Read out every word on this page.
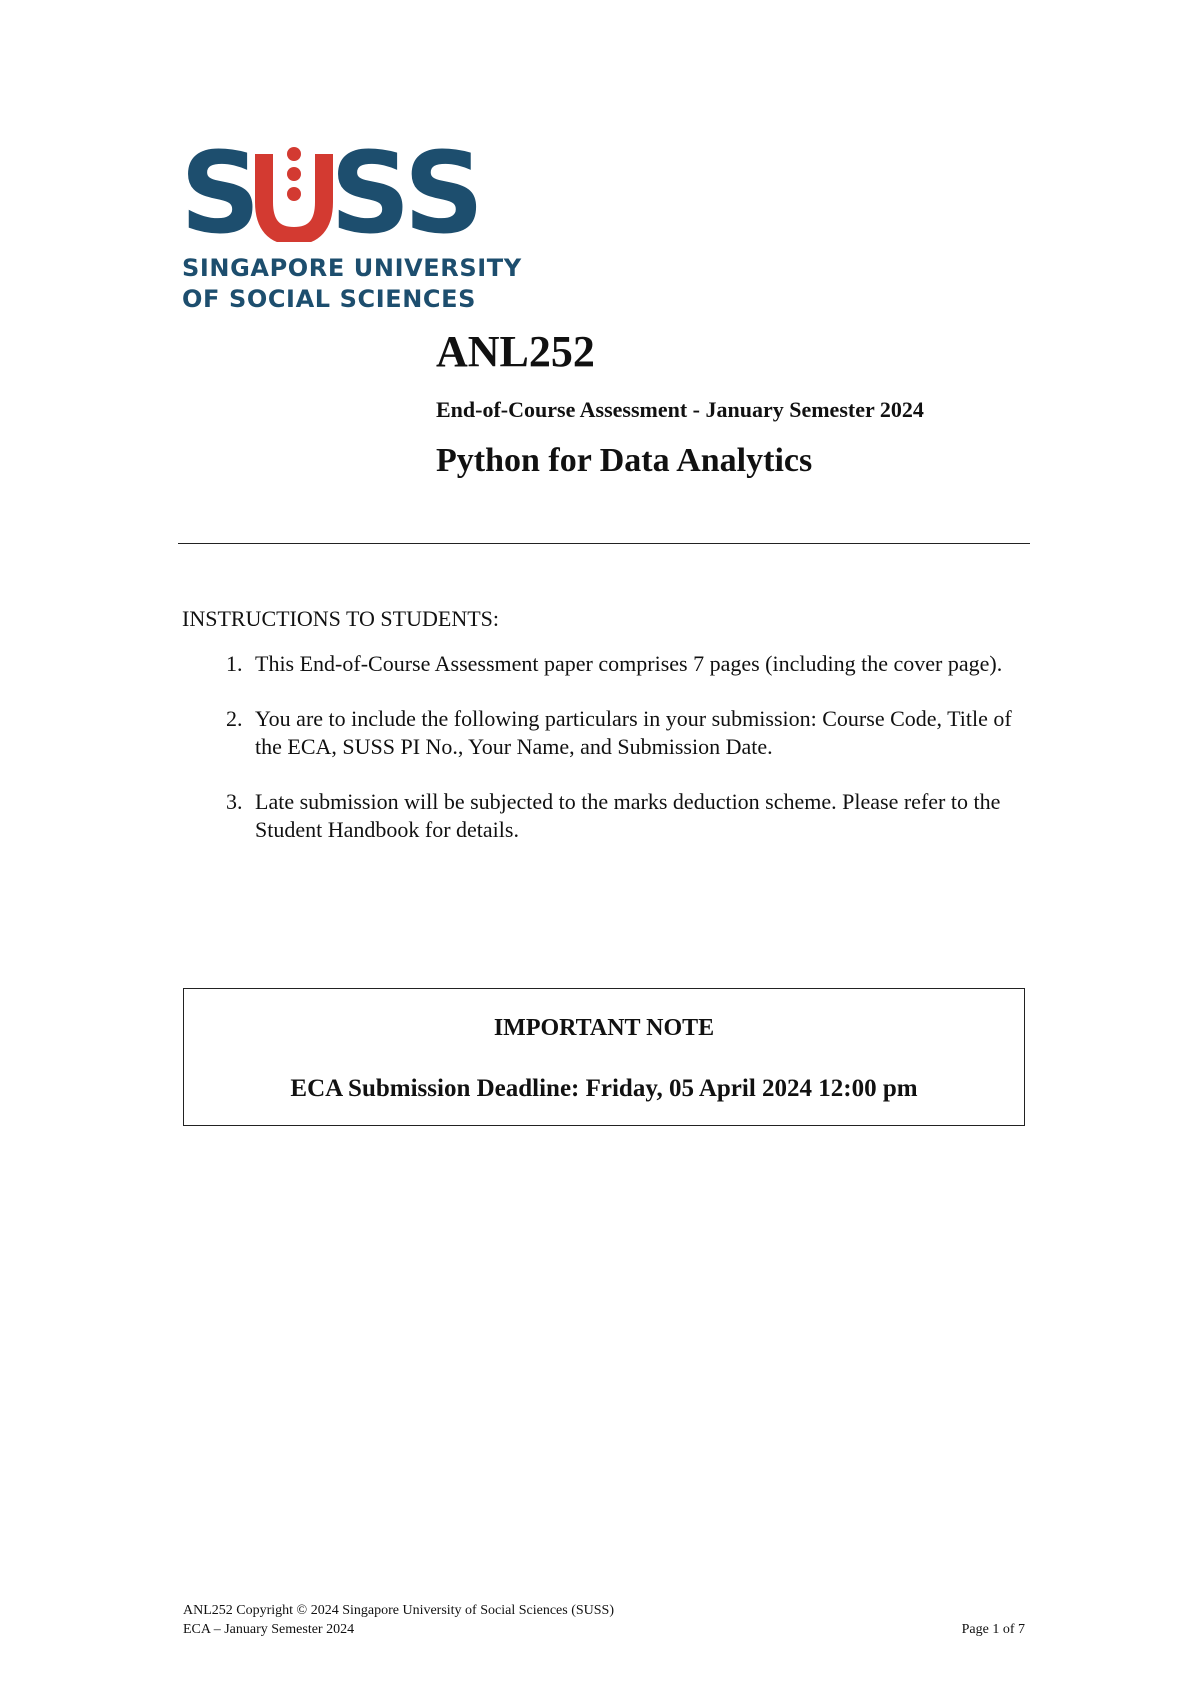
S SS
SINGAPORE UNIVERSITY
OF SOCIAL SCIENCES
ANL252

End-of-Course Assessment - January Semester 2024

Python for Data Analytics

INSTRUCTIONS TO STUDENTS:

1. This End-of-Course Assessment paper comprises 7 pages (including the cover page).
2. You are to include the following particulars in your submission: Course Code, Title of the ECA, SUSS PI No., Your Name, and Submission Date.
3. Late submission will be subjected to the marks deduction scheme. Please refer to the Student Handbook for details.
IMPORTANT NOTE
ECA Submission Deadline: Friday, 05 April 2024 12:00 pm
ANL252 Copyright © 2024 Singapore University of Social Sciences (SUSS)
ECA – January Semester 2024	Page 1 of 7
